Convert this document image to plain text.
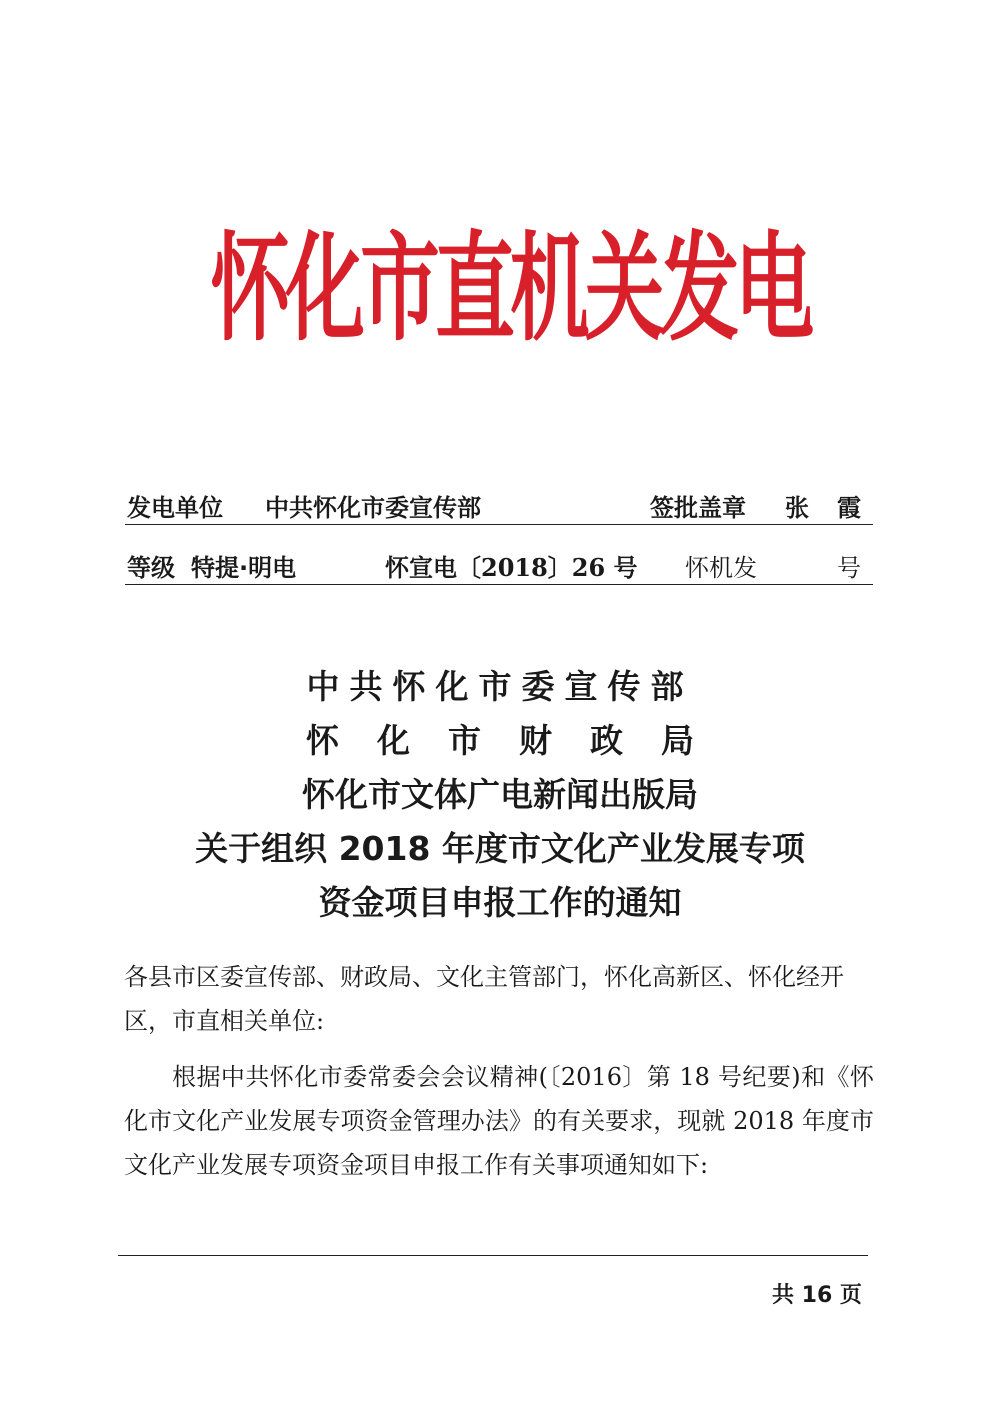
怀化市直机关发电
发电单位 中共怀化市委宣传部	签批盖章 张 霞
等级 特提·明电	怀宣电〔2018〕26 号 怀机发	号
中共怀化市委宣传部
怀化市财政局
怀化市文体广电新闻出版局
关于组织 2018 年度市文化产业发展专项
资金项目申报工作的通知
各县市区委宣传部、财政局、文化主管部门，怀化高新区、怀化经开区，市直相关单位:
根据中共怀化市委常委会会议精神(〔2016〕第 18 号纪要)和《怀化市文化产业发展专项资金管理办法》的有关要求，现就 2018 年度市文化产业发展专项资金项目申报工作有关事项通知如下:
共 16 页
